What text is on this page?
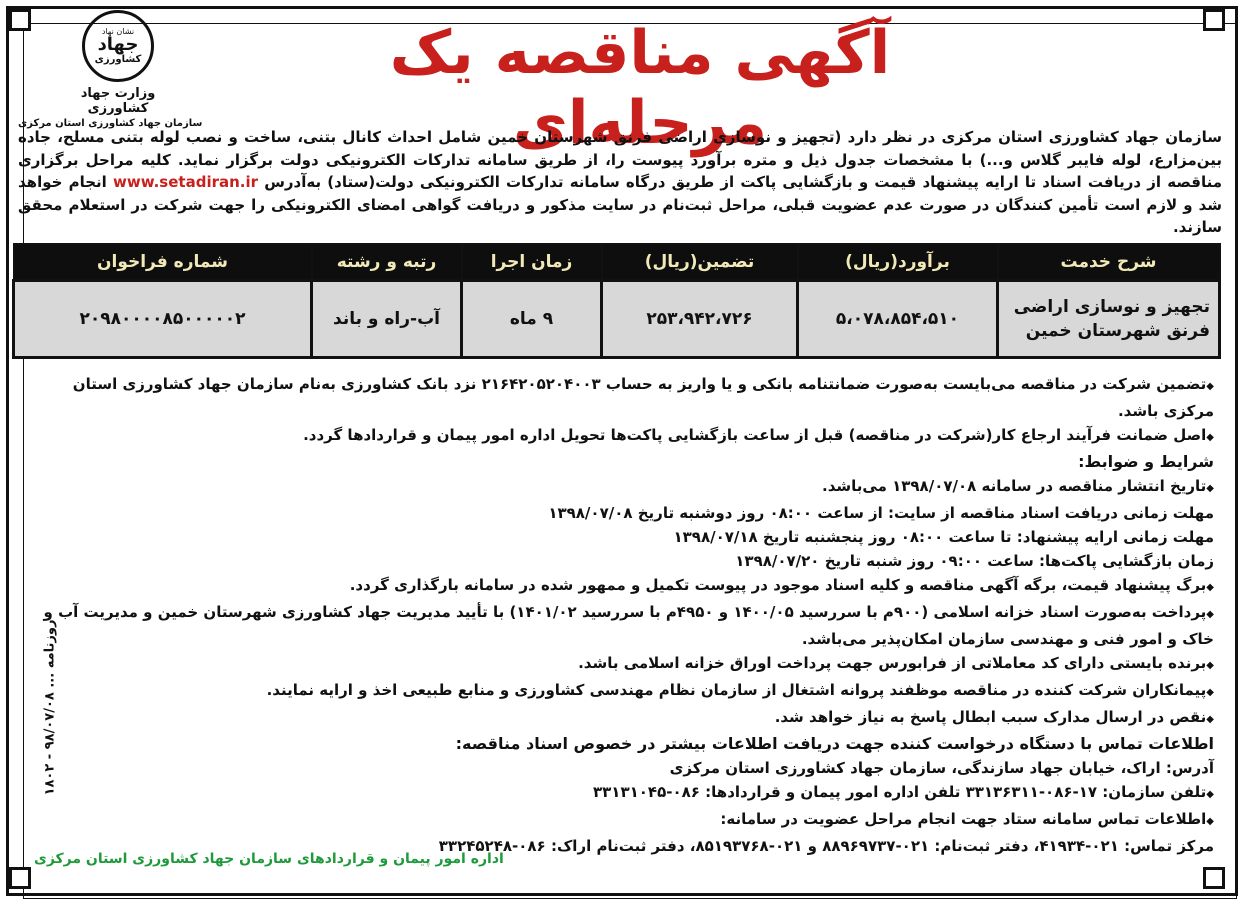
نشان نهاد
جهاد
کشاورزی
وزارت جهاد کشاورزی
سازمان جهاد کشاورزی استان مرکزی
آگهی مناقصه یک مرحله‌ای	سازمان جهاد کشاورزی استان مرکزی در نظر دارد (تجهیز و نوسازی اراضی فرنق شهرستان خمین شامل احداث کانال بتنی، ساخت و نصب لوله بتنی مسلح، جاده بین‌مزارع، لوله فایبر گلاس و...) با مشخصات جدول ذیل و متره برآورد پیوست را، از طریق سامانه تدارکات الکترونیکی دولت برگزار نماید. کلیه مراحل برگزاری مناقصه از دریافت اسناد تا ارایه پیشنهاد قیمت و بازگشایی پاکت از طریق درگاه سامانه تدارکات الکترونیکی دولت(ستاد) به‌آدرس www.setadiran.ir انجام خواهد شد و لازم است تأمین کنندگان در صورت عدم عضویت قبلی، مراحل ثبت‌نام در سایت مذکور و دریافت گواهی امضای الکترونیکی را جهت شرکت در استعلام محقق سازند.
شرح خدمت	برآورد(ریال)	تضمین(ریال)	زمان اجرا	رتبه و رشته	شماره فراخوان
تجهیز و نوسازی اراضی فرنق شهرستان خمین	۵،۰۷۸،۸۵۴،۵۱۰	۲۵۳،۹۴۲،۷۲۶	۹ ماه	آب-راه و باند	۲۰۹۸۰۰۰۰۸۵۰۰۰۰۰۲

◆ تضمین شرکت در مناقصه می‌بایست به‌صورت ضمانتنامه بانکی و یا واریز به حساب ۲۱۶۴۲۰۵۲۰۴۰۰۳ نزد بانک کشاورزی به‌نام سازمان جهاد کشاورزی استان مرکزی باشد.

◆ اصل ضمانت فرآیند ارجاع کار(شرکت در مناقصه) قبل از ساعت بازگشایی پاکت‌ها تحویل اداره امور پیمان و قراردادها گردد.

شرایط و ضوابط:

◆ تاریخ انتشار مناقصه در سامانه ۱۳۹۸/۰۷/۰۸ می‌باشد.

مهلت زمانی دریافت اسناد مناقصه از سایت: از ساعت ۰۸:۰۰ روز دوشنبه تاریخ ۱۳۹۸/۰۷/۰۸

مهلت زمانی ارایه پیشنهاد: تا ساعت ۰۸:۰۰ روز پنجشنبه تاریخ ۱۳۹۸/۰۷/۱۸

زمان بازگشایی پاکت‌ها: ساعت ۰۹:۰۰ روز شنبه تاریخ ۱۳۹۸/۰۷/۲۰

◆ برگ پیشنهاد قیمت، برگه آگهی مناقصه و کلیه اسناد موجود در پیوست تکمیل و ممهور شده در سامانه بارگذاری گردد.

◆ پرداخت به‌صورت اسناد خزانه اسلامی (۹۰۰م با سررسید ۱۴۰۰/۰۵ و ۴۹۵۰م با سررسید ۱۴۰۱/۰۲) با تأیید مدیریت جهاد کشاورزی شهرستان خمین و مدیریت آب و خاک و امور فنی و مهندسی سازمان امکان‌پذیر می‌باشد.

◆ برنده بایستی دارای کد معاملاتی از فرابورس جهت پرداخت اوراق خزانه اسلامی باشد.

◆ پیمانکاران شرکت کننده در مناقصه موظفند پروانه اشتغال از سازمان نظام مهندسی کشاورزی و منابع طبیعی اخذ و ارایه نمایند.

◆ نقص در ارسال مدارک سبب ابطال پاسخ به نیاز خواهد شد.

اطلاعات تماس با دستگاه درخواست کننده جهت دریافت اطلاعات بیشتر در خصوص اسناد مناقصه:

آدرس: اراک، خیابان جهاد سازندگی، سازمان جهاد کشاورزی استان مرکزی

◆ تلفن سازمان: ۱۷-۰۸۶-۳۳۱۳۶۳۱۱ تلفن اداره امور پیمان و قراردادها: ۰۸۶-۳۳۱۳۱۰۴۵

◆ اطلاعات تماس سامانه ستاد جهت انجام مراحل عضویت در سامانه:

مرکز تماس: ۰۲۱-۴۱۹۳۴، دفتر ثبت‌نام: ۰۲۱-۸۸۹۶۹۷۳۷ و ۰۲۱-۸۵۱۹۳۷۶۸، دفتر ثبت‌نام اراک: ۰۸۶-۳۳۲۴۵۲۴۸

اداره امور پیمان و قراردادهای سازمان جهاد کشاورزی استان مرکزی
روزنامه ... ۹۸/۰۷/۰۸ - ۱۸۰۲
